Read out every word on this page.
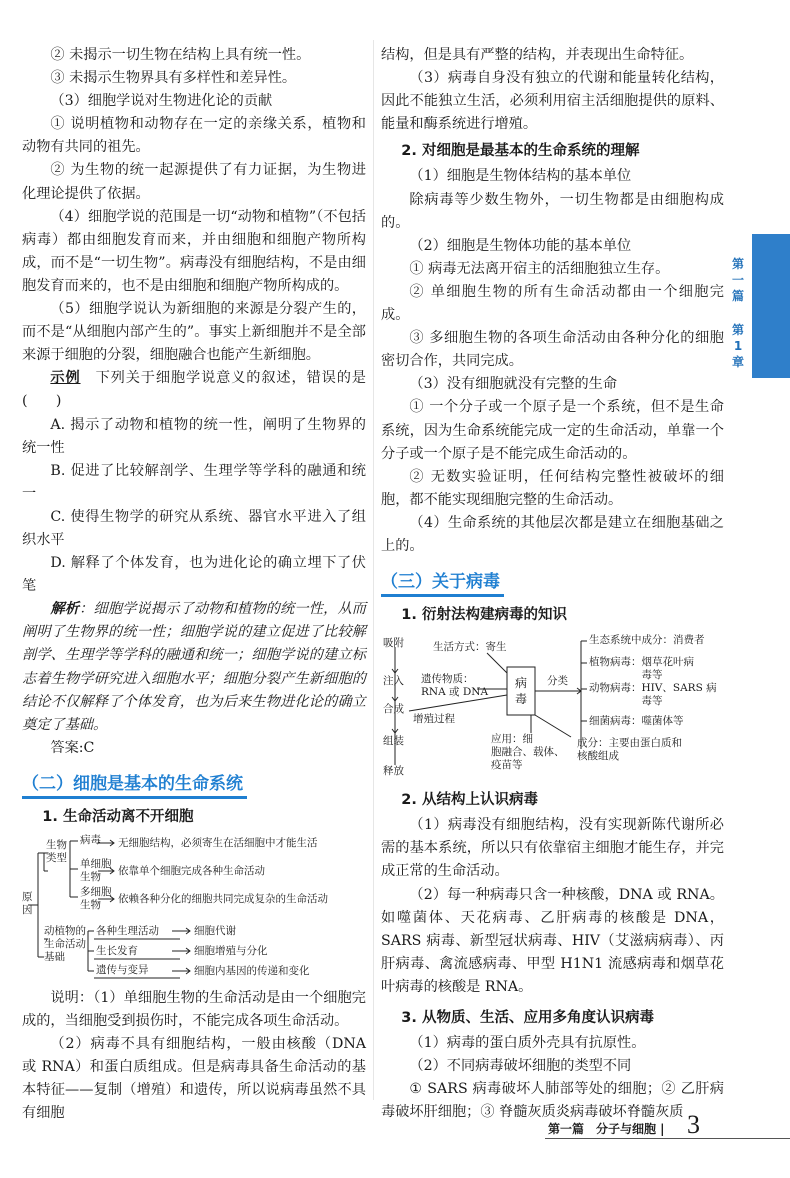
② 未揭示一切生物在结构上具有统一性。

③ 未揭示生物界具有多样性和差异性。

（3）细胞学说对生物进化论的贡献

① 说明植物和动物存在一定的亲缘关系，植物和动物有共同的祖先。

② 为生物的统一起源提供了有力证据，为生物进化理论提供了依据。

（4）细胞学说的范围是一切“动物和植物”（不包括病毒）都由细胞发育而来，并由细胞和细胞产物所构成，而不是“一切生物”。病毒没有细胞结构，不是由细胞发育而来的，也不是由细胞和细胞产物所构成的。

（5）细胞学说认为新细胞的来源是分裂产生的，而不是“从细胞内部产生的”。事实上新细胞并不是全部来源于细胞的分裂，细胞融合也能产生新细胞。

示例　下列关于细胞学说意义的叙述，错误的是(　　)

A. 揭示了动物和植物的统一性，阐明了生物界的统一性

B. 促进了比较解剖学、生理学等学科的融通和统一

C. 使得生物学的研究从系统、器官水平进入了组织水平

D. 解释了个体发育，也为进化论的确立埋下了伏笔

解析：细胞学说揭示了动物和植物的统一性，从而阐明了生物界的统一性；细胞学说的建立促进了比较解剖学、生理学等学科的融通和统一；细胞学说的建立标志着生物学研究进入细胞水平；细胞分裂产生新细胞的结论不仅解释了个体发育，也为后来生物进化论的确立奠定了基础。

答案:C

（二）细胞是基本的生命系统
1. 生命活动离不开细胞
原
因
生物
类型
病毒
单细胞
生物
多细胞
生物
无细胞结构，必须寄生在活细胞中才能生活
依靠单个细胞完成各种生命活动
依赖各种分化的细胞共同完成复杂的生命活动
动植物的
生命活动
基础
各种生理活动
生长发育
遗传与变异
细胞代谢
细胞增殖与分化
细胞内基因的传递和变化

说明：（1）单细胞生物的生命活动是由一个细胞完成的，当细胞受到损伤时，不能完成各项生命活动。

（2）病毒不具有细胞结构，一般由核酸（DNA 或 RNA）和蛋白质组成。但是病毒具备生命活动的基本特征——复制（增殖）和遗传，所以说病毒虽然不具有细胞

结构，但是具有严整的结构，并表现出生命特征。

（3）病毒自身没有独立的代谢和能量转化结构，因此不能独立生活，必须利用宿主活细胞提供的原料、能量和酶系统进行增殖。

2. 对细胞是最基本的生命系统的理解

（1）细胞是生物体结构的基本单位

除病毒等少数生物外，一切生物都是由细胞构成的。

（2）细胞是生物体功能的基本单位

① 病毒无法离开宿主的活细胞独立生存。

② 单细胞生物的所有生命活动都由一个细胞完成。

③ 多细胞生物的各项生命活动由各种分化的细胞密切合作，共同完成。

（3）没有细胞就没有完整的生命

① 一个分子或一个原子是一个系统，但不是生命系统，因为生命系统能完成一定的生命活动，单靠一个分子或一个原子是不能完成生命活动的。

② 无数实验证明，任何结构完整性被破坏的细胞，都不能实现细胞完整的生命活动。

（4）生命系统的其他层次都是建立在细胞基础之上的。

（三）关于病毒
1. 衍射法构建病毒的知识
吸附
注入
合成
组装
释放
生活方式：寄生
遗传物质：
RNA 或 DNA
增殖过程
病
毒
分类
生态系统中成分：消费者
植物病毒：烟草花叶病
　　　　　毒等
动物病毒：HIV、SARS 病
　　　　　毒等
细菌病毒：噬菌体等
应用：细
胞融合、载体、
疫苗等
成分：主要由蛋白质和
核酸组成
2. 从结构上认识病毒

（1）病毒没有细胞结构，没有实现新陈代谢所必需的基本系统，所以只有依靠宿主细胞才能生存，并完成正常的生命活动。

（2）每一种病毒只含一种核酸，DNA 或 RNA。如噬菌体、天花病毒、乙肝病毒的核酸是 DNA，SARS 病毒、新型冠状病毒、HIV（艾滋病病毒）、丙肝病毒、禽流感病毒、甲型 H1N1 流感病毒和烟草花叶病毒的核酸是 RNA。

3. 从物质、生活、应用多角度认识病毒

（1）病毒的蛋白质外壳具有抗原性。

（2）不同病毒破坏细胞的类型不同

① SARS 病毒破坏人肺部等处的细胞；② 乙肝病毒破坏肝细胞；③ 脊髓灰质炎病毒破坏脊髓灰质

第一篇
第1章
第一篇　分子与细胞 | 3
